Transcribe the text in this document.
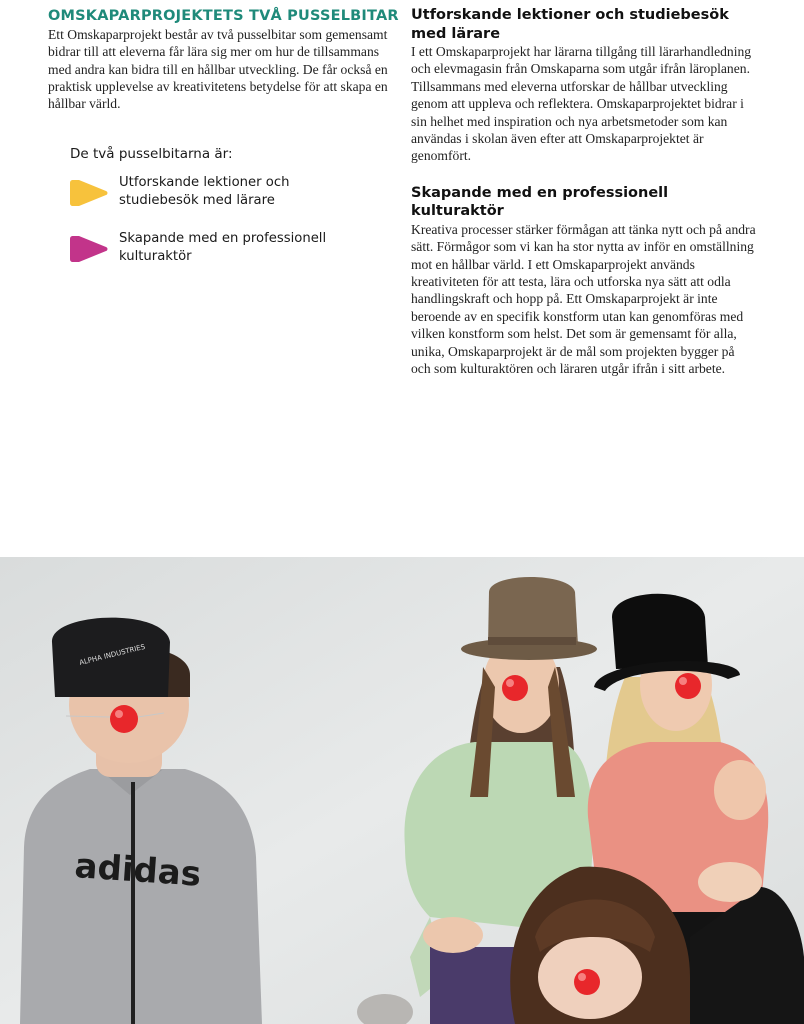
OMSKAPARPROJEKTETS TVÅ PUSSELBITAR

Ett Omskaparprojekt består av två pusselbitar som gemensamt bidrar till att eleverna får lära sig mer om hur de tillsammans med andra kan bidra till en hållbar utveckling. De får också en praktisk upplevelse av kreativitetens betydelse för att skapa en hållbar värld.

De två pusselbitarna är:

Utforskande lektioner och studiebesök med lärare
Skapande med en professionell kulturaktör
Utforskande lektioner och studiebesök med lärare

I ett Omskaparprojekt har lärarna tillgång till lärarhandledning och elevmagasin från Omskaparna som utgår ifrån läroplanen. Tillsammans med eleverna utforskar de hållbar utveckling genom att uppleva och reflektera. Omskaparprojektet bidrar i sin helhet med inspiration och nya arbetsmetoder som kan användas i skolan även efter att Omskaparprojektet är genomfört.

Skapande med en professionell kulturaktör

Kreativa processer stärker förmågan att tänka nytt och på andra sätt. Förmågor som vi kan ha stor nytta av inför en omställning mot en hållbar värld. I ett Omskaparprojekt används kreativiteten för att testa, lära och utforska nya sätt att odla handlingskraft och hopp på. Ett Omskaparprojekt är inte beroende av en specifik konstform utan kan genomföras med vilken konstform som helst. Det som är gemensamt för alla, unika, Omskaparprojekt är de mål som projekten bygger på och som kulturaktören och läraren utgår ifrån i sitt arbete.

ALPHA INDUSTRIES
adidas
